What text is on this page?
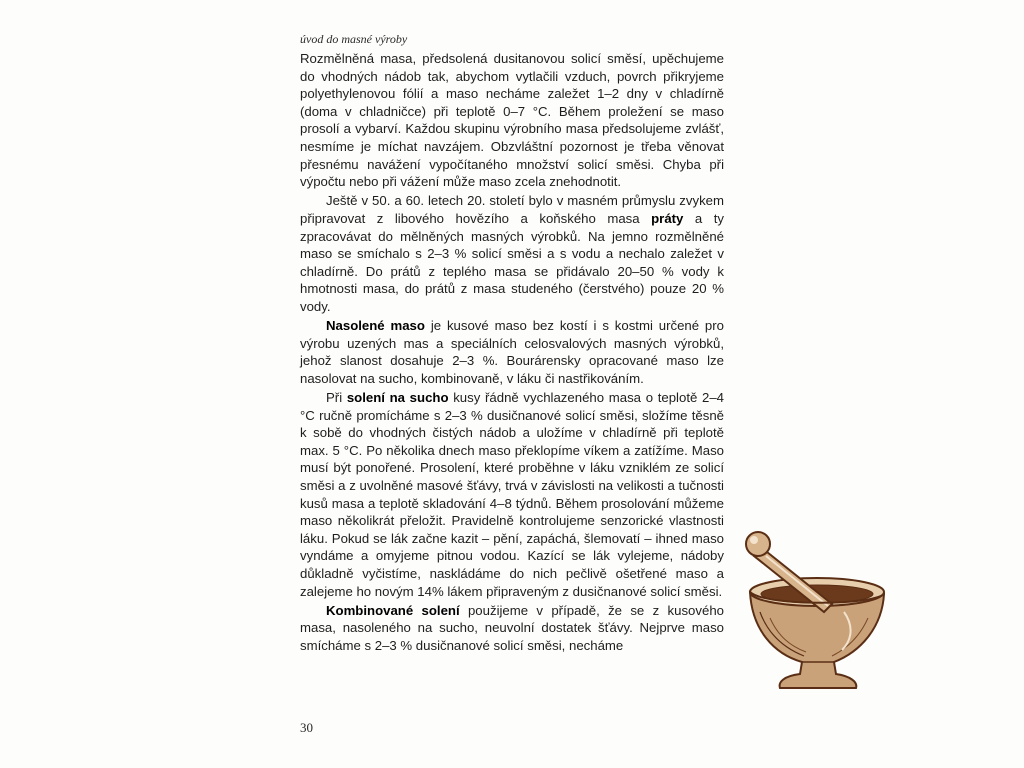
úvod do masné výroby

Rozmělněná masa, předsolená dusitanovou solicí směsí, upěchujeme do vhodných nádob tak, abychom vytlačili vzduch, povrch přikryjeme polyethylenovou fólií a maso necháme zaležet 1–2 dny v chladírně (doma v chladničce) při teplotě 0–7 °C. Během proležení se maso prosolí a vybarví. Každou skupinu výrobního masa předsolujeme zvlášť, nesmíme je míchat navzájem. Obzvláštní pozornost je třeba věnovat přesnému navážení vypočítaného množství solicí směsi. Chyba při výpočtu nebo při vážení může maso zcela znehodnotit.

Ještě v 50. a 60. letech 20. století bylo v masném průmyslu zvykem připravovat z libového hovězího a koňského masa práty a ty zpracovávat do mělněných masných výrobků. Na jemno rozmělněné maso se smíchalo s 2–3 % solicí směsi a s vodu a nechalo zaležet v chladírně. Do prátů z teplého masa se přidávalo 20–50 % vody k hmotnosti masa, do prátů z masa studeného (čerstvého) pouze 20 % vody.

Nasolené maso je kusové maso bez kostí i s kostmi určené pro výrobu uzených mas a speciálních celosvalových masných výrobků, jehož slanost dosahuje 2–3 %. Bourárensky opracované maso lze nasolovat na sucho, kombinovaně, v láku či nastřikováním.

Při solení na sucho kusy řádně vychlazeného masa o teplotě 2–4 °C ručně promícháme s 2–3 % dusičnanové solicí směsi, složíme těsně k sobě do vhodných čistých nádob a uložíme v chladírně při teplotě max. 5 °C. Po několika dnech maso překlopíme víkem a zatížíme. Maso musí být ponořené. Prosolení, které proběhne v láku vzniklém ze solicí směsi a z uvolněné masové šťávy, trvá v závislosti na velikosti a tučnosti kusů masa a teplotě skladování 4–8 týdnů. Během prosolování můžeme maso několikrát přeložit. Pravidelně kontrolujeme senzorické vlastnosti láku. Pokud se lák začne kazit – pění, zapáchá, šlemovatí – ihned maso vyndáme a omyjeme pitnou vodou. Kazící se lák vylejeme, nádoby důkladně vyčistíme, naskládáme do nich pečlivě ošetřené maso a zalejeme ho novým 14% lákem připraveným z dusičnanové solicí směsi.

Kombinované solení použijeme v případě, že se z kusového masa, nasoleného na sucho, neuvolní dostatek šťávy. Nejprve maso smícháme s 2–3 % dusičnanové solicí směsi, necháme

30
